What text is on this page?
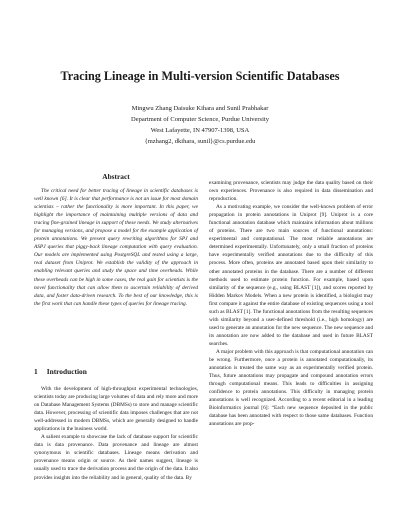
Tracing Lineage in Multi-version Scientific Databases
Mingwu Zhang Daisuke Kihara and Sunil Prabhakar
Department of Computer Science, Purdue University
West Lafayette, IN 47907-1398, USA
{mzhang2, dkihara, sunil}@cs.purdue.edu
Abstract
The critical need for better tracing of lineage in scientific databases is well known [6]. It is clear that performance is not an issue for most domain scientists – rather the functionality is more important. In this paper, we highlight the importance of maintaining multiple versions of data and tracing fine-grained lineage in support of these needs. We study alternatives for managing versions, and propose a model for the example application of protein annotations. We present query rewriting algorithms for SPJ and ASPJ queries that piggy-back lineage computation with query evaluation. Our models are implemented using PostgreSQL and tested using a large, real dataset from Uniprot. We establish the validity of the approach in enabling relevant queries and study the space and time overheads. While these overheads can be high in some cases, the real gain for scientists is the novel functionality that can allow them to ascertain reliability of derived data, and foster data-driven research. To the best of our knowledge, this is the first work that can handle these types of queries for lineage tracing.
1 Introduction

With the development of high-throughput experimental technologies, scientists today are producing large volumes of data and rely more and more on Database Management Systems (DBMSs) to store and manage scientific data. However, processing of scientific data imposes challenges that are not well-addressed in modern DBMSs, which are generally designed to handle applications in the business world.

A salient example to showcase the lack of database support for scientific data is data provenance. Data provenance and lineage are almost synonymous in scientific databases. Lineage means derivation and provenance means origin or source. As their names suggest, lineage is usually used to trace the derivation process and the origin of the data. It also provides insights into the reliability and in general, quality of the data. By

examining provenance, scientists may judge the data quality based on their own experiences. Provenance is also required in data dissemination and reproduction.

As a motivating example, we consider the well-known problem of error propagation in protein annotations in Uniprot [9]. Uniprot is a core functional annotation database which maintains information about millions of proteins. There are two main sources of functional annotations: experimental and computational. The most reliable annotations are determined experimentally. Unfortunately, only a small fraction of proteins have experimentally verified annotations due to the difficulty of this process. More often, proteins are annotated based upon their similarity to other annotated proteins in the database. There are a number of different methods used to estimate protein function. For example, based upon similarity of the sequence (e.g., using BLAST [1]), and scores reported by Hidden Markov Models. When a new protein is identified, a biologist may first compare it against the entire database of existing sequences using a tool such as BLAST [1]. The functional annotations from the resulting sequences with similarity beyond a user-defined threshold (i.e., high homology) are used to generate an annotation for the new sequence. The new sequence and its annotation are now added to the database and used in future BLAST searches.

A major problem with this approach is that computational annotation can be wrong. Furthermore, once a protein is annotated computationally, its annotation is treated the same way as an experimentally verified protein. Thus, future annotations may propagate and compound annotation errors through computational means. This leads to difficulties in assigning confidence to protein annotations. This difficulty in managing protein annotations is well recognized. According to a recent editorial in a leading Bioinformatics journal [6]: “Each new sequence deposited in the public database has been annotated with respect to those same databases. Function annotations are prop-
